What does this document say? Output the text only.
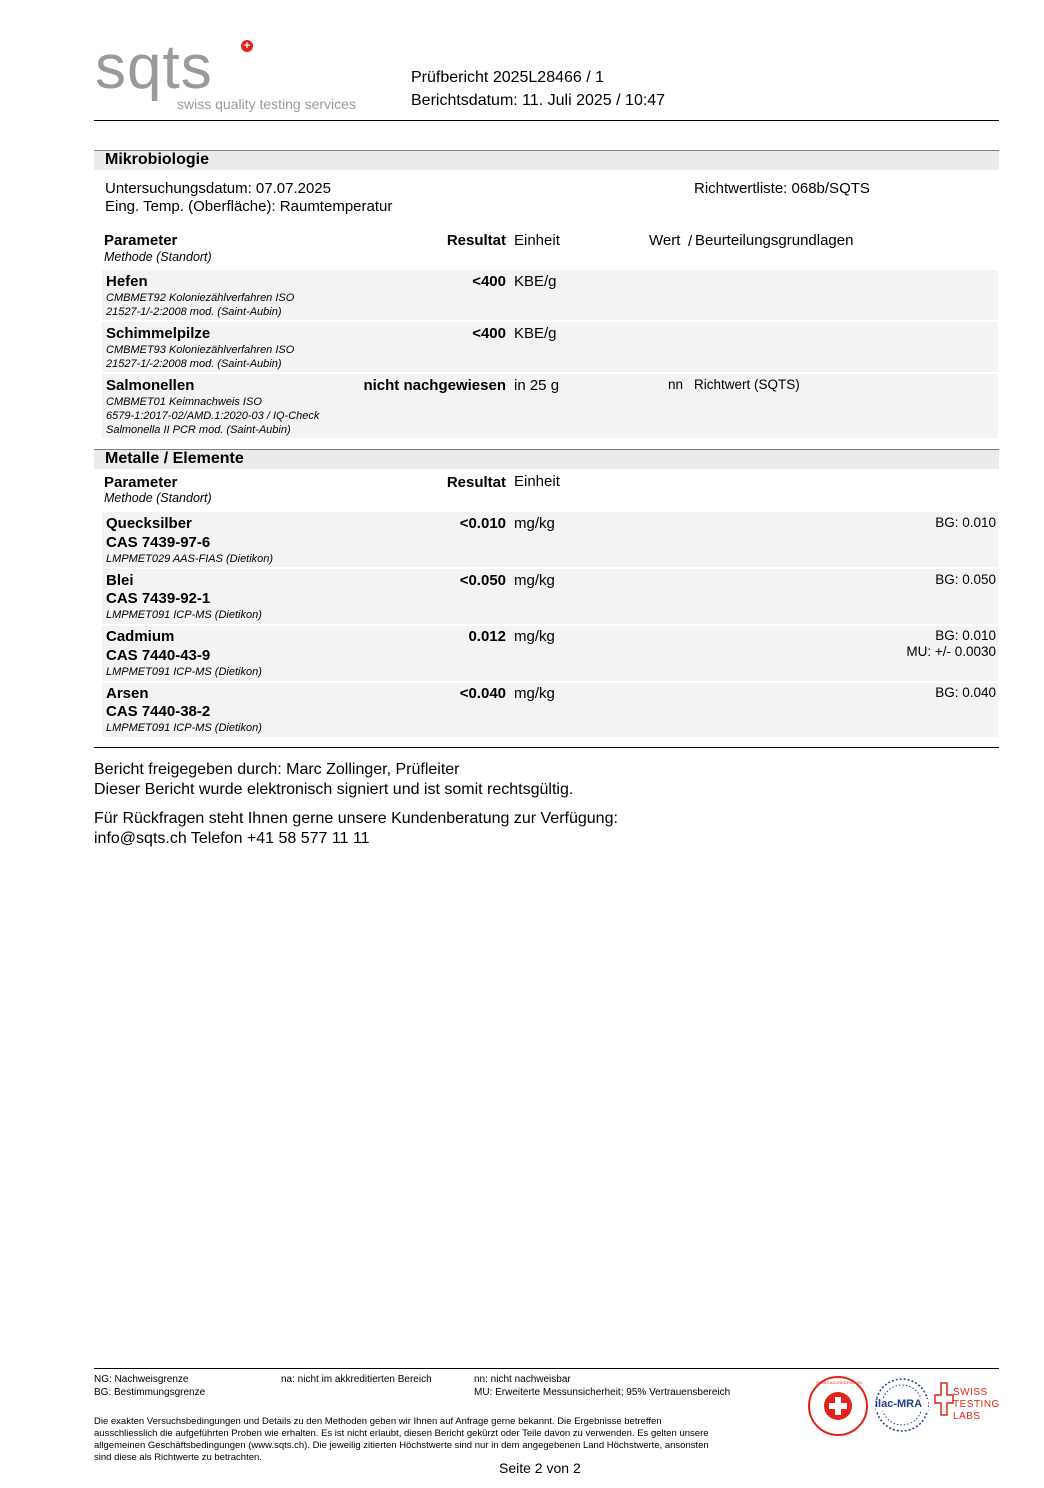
sqts	+
swiss quality testing services
Prüfbericht 2025L28466 / 1
Berichtsdatum: 11. Juli 2025 / 10:47
Mikrobiologie
Untersuchungsdatum: 07.07.2025
Eing. Temp. (Oberfläche): Raumtemperatur
Richtwertliste: 068b/SQTS
Parameter
Methode (Standort)
Resultat Einheit	Wert / Beurteilungsgrundlagen
Hefen
CMBMET92 Koloniezählverfahren ISO
21527-1/-2:2008 mod. (Saint-Aubin)
<400 KBE/g
Schimmelpilze
CMBMET93 Koloniezählverfahren ISO
21527-1/-2:2008 mod. (Saint-Aubin)
<400 KBE/g
Salmonellen
CMBMET01 Keimnachweis ISO
6579-1:2017-02/AMD.1:2020-03 / IQ-Check
Salmonella II PCR mod. (Saint-Aubin)
nicht nachgewiesen in 25 g	nn Richtwert (SQTS)
Metalle / Elemente
Parameter
Methode (Standort)
Resultat Einheit
Quecksilber
CAS 7439-97-6
LMPMET029 AAS-FIAS (Dietikon)
<0.010 mg/kg	BG: 0.010
Blei
CAS 7439-92-1
LMPMET091 ICP-MS (Dietikon)
<0.050 mg/kg	BG: 0.050
Cadmium
CAS 7440-43-9
LMPMET091 ICP-MS (Dietikon)
0.012 mg/kg	BG: 0.010
MU: +/- 0.0030
Arsen
CAS 7440-38-2
LMPMET091 ICP-MS (Dietikon)
<0.040 mg/kg	BG: 0.040
Bericht freigegeben durch: Marc Zollinger, Prüfleiter
Dieser Bericht wurde elektronisch signiert und ist somit rechtsgültig.
Für Rückfragen steht Ihnen gerne unsere Kundenberatung zur Verfügung:
info@sqts.ch Telefon +41 58 577 11 11
NG: Nachweisgrenze
BG: Bestimmungsgrenze
na: nicht im akkreditierten Bereich	nn: nicht nachweisbar
MU: Erweiterte Messunsicherheit; 95% Vertrauensbereich
Die exakten Versuchsbedingungen und Details zu den Methoden geben wir Ihnen auf Anfrage gerne bekannt. Die Ergebnisse betreffen
ausschliesslich die aufgeführten Proben wie erhalten. Es ist nicht erlaubt, diesen Bericht gekürzt oder Teile davon zu verwenden. Es gelten unsere
allgemeinen Geschäftsbedingungen (www.sqts.ch). Die jeweilig zitierten Höchstwerte sind nur in dem angegebenen Land Höchstwerte, ansonsten
sind diese als Richtwerte zu betrachten.
Seite 2 von 2
SWISS ACCREDITATION
ilac-MRA
SWISS
TESTING
LABS
